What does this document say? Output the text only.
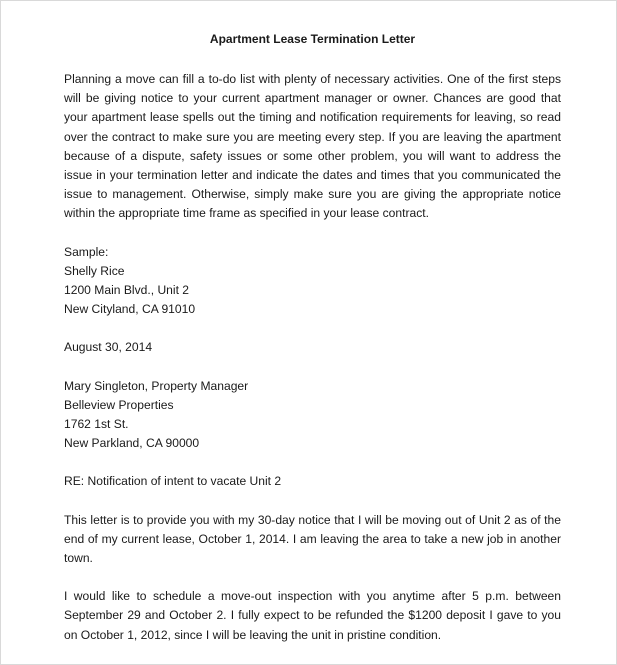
Apartment Lease Termination Letter
Planning a move can fill a to-do list with plenty of necessary activities. One of the first steps will be giving notice to your current apartment manager or owner. Chances are good that your apartment lease spells out the timing and notification requirements for leaving, so read over the contract to make sure you are meeting every step. If you are leaving the apartment because of a dispute, safety issues or some other problem, you will want to address the issue in your termination letter and indicate the dates and times that you communicated the issue to management. Otherwise, simply make sure you are giving the appropriate notice within the appropriate time frame as specified in your lease contract.
Sample:
Shelly Rice
1200 Main Blvd., Unit 2
New Cityland, CA 91010
August 30, 2014
Mary Singleton, Property Manager
Belleview Properties
1762 1st St.
New Parkland, CA 90000
RE: Notification of intent to vacate Unit 2
This letter is to provide you with my 30-day notice that I will be moving out of Unit 2 as of the end of my current lease, October 1, 2014. I am leaving the area to take a new job in another town.
I would like to schedule a move-out inspection with you anytime after 5 p.m. between September 29 and October 2. I fully expect to be refunded the $1200 deposit I gave to you on October 1, 2012, since I will be leaving the unit in pristine condition.
